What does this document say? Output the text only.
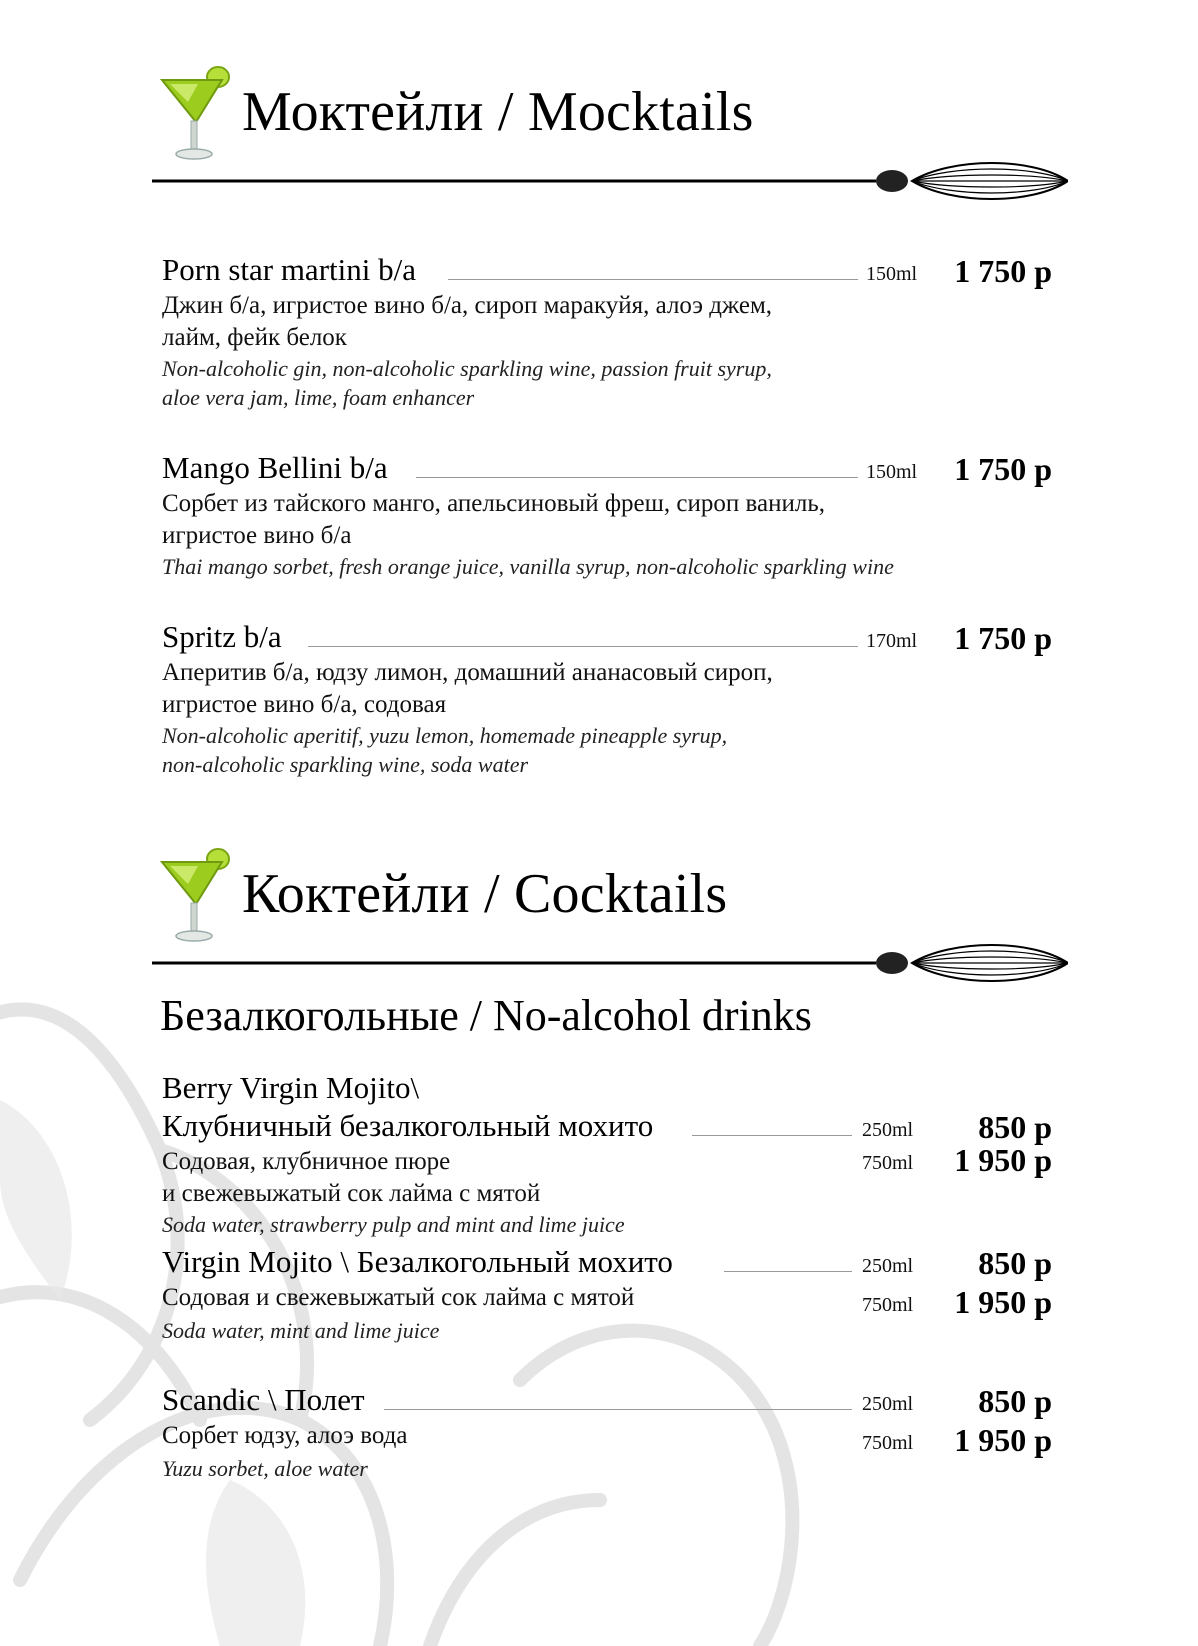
Моктейли / Mocktails
Porn star martini b/a	150ml 1 750 р
Джин б/а, игристое вино б/а, сироп маракуйя, алоэ джем,
лайм, фейк белок
Non-alcoholic gin, non-alcoholic sparkling wine, passion fruit syrup,
aloe vera jam, lime, foam enhancer
Mango Bellini b/a	150ml 1 750 р
Сорбет из тайского манго, апельсиновый фреш, сироп ваниль,
игристое вино б/а
Thai mango sorbet, fresh orange juice, vanilla syrup, non-alcoholic sparkling wine
Spritz b/a	170ml 1 750 р
Аперитив б/а, юдзу лимон, домашний ананасовый сироп,
игристое вино б/а, содовая
Non-alcoholic aperitif, yuzu lemon, homemade pineapple syrup,
non-alcoholic sparkling wine, soda water
Коктейли / Cocktails
Безалкогольные / No-alcohol drinks
Berry Virgin Mojito\
Клубничный безалкогольный мохито	250ml 850 р
Содовая, клубничное пюре
и свежевыжатый сок лайма с мятой
750ml 1 950 р
Soda water, strawberry pulp and mint and lime juice
Virgin Mojito \ Безалкогольный мохито	250ml 850 р
Содовая и свежевыжатый сок лайма с мятой	750ml 1 950 р
Soda water, mint and lime juice
Scandic \ Полет	250ml 850 р
Сорбет юдзу, алоэ вода	750ml 1 950 р
Yuzu sorbet, aloe water
